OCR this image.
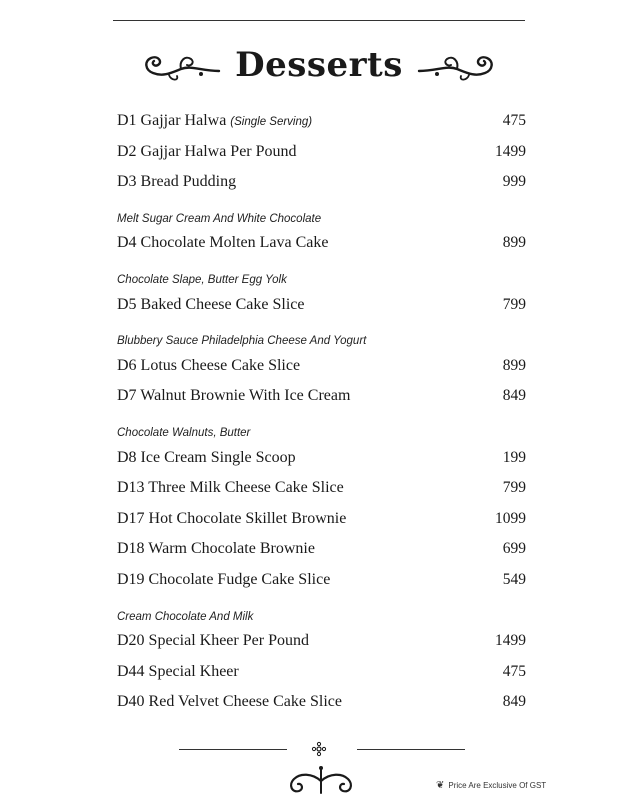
Desserts
D1 Gajjar Halwa (Single Serving)	475
D2 Gajjar Halwa Per Pound	1499
D3 Bread Pudding	999
Melt Sugar Cream And White Chocolate
D4 Chocolate Molten Lava Cake	899
Chocolate Slape, Butter Egg Yolk
D5 Baked Cheese Cake Slice	799
Blubbery Sauce Philadelphia Cheese And Yogurt
D6 Lotus Cheese Cake Slice	899
D7 Walnut Brownie With Ice Cream	849
Chocolate Walnuts, Butter
D8 Ice Cream Single Scoop	199
D13 Three Milk Cheese Cake Slice	799
D17 Hot Chocolate Skillet Brownie	1099
D18 Warm Chocolate Brownie	699
D19 Chocolate Fudge Cake Slice	549
Cream Chocolate And Milk
D20 Special Kheer Per Pound	1499
D44 Special Kheer	475
D40 Red Velvet Cheese Cake Slice	849
❦ Price Are Exclusive Of GST
